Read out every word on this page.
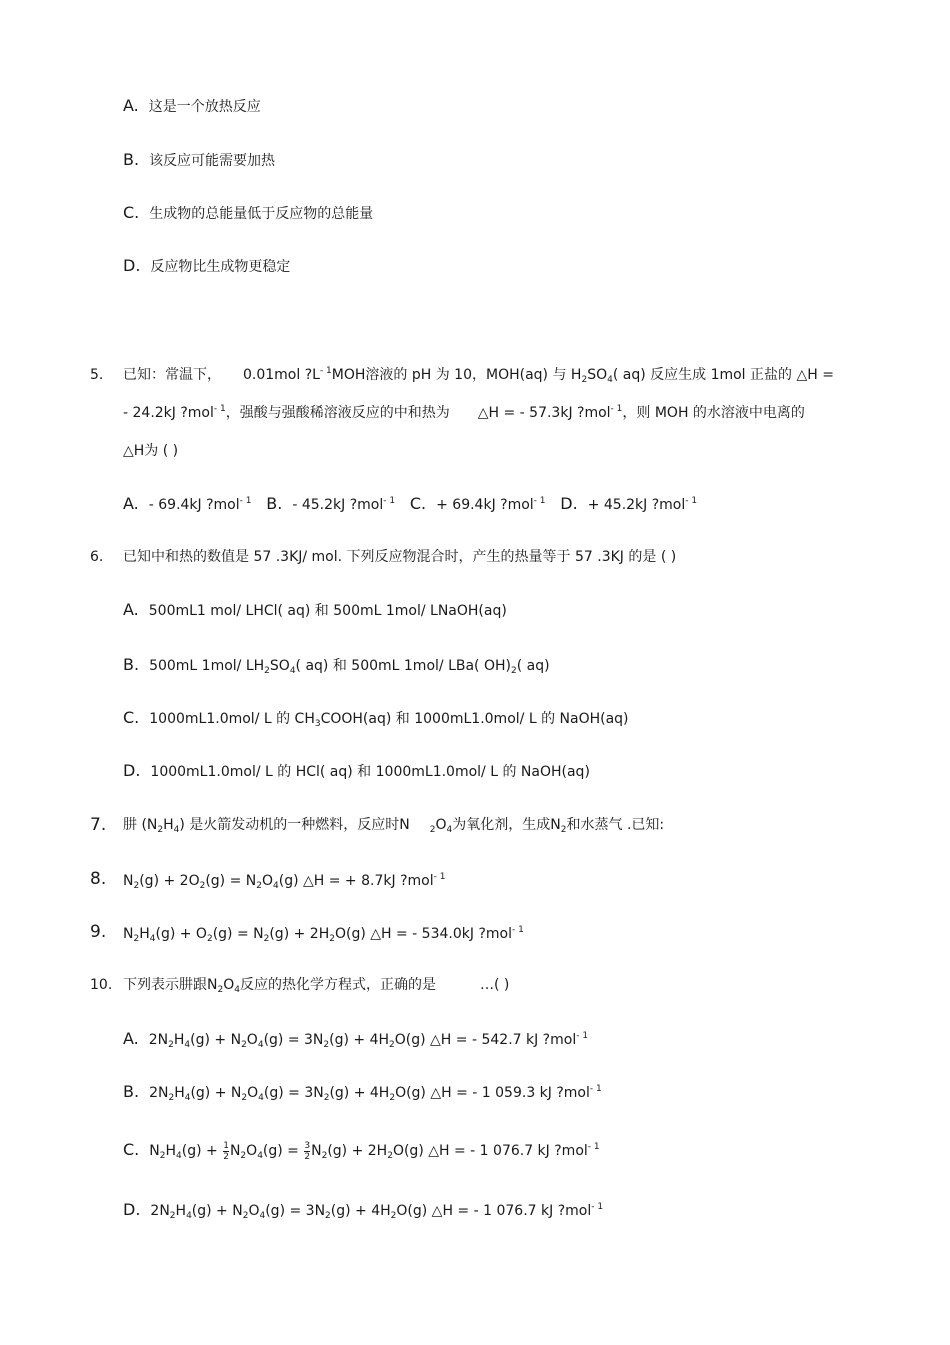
A. 这是一个放热反应
B. 该反应可能需要加热
C. 生成物的总能量低于反应物的总能量
D. 反应物比生成物更稳定
5. 已知：常温下， 0.01mol $?L^{- 1}MOH$溶液的 pH 为 10，MOH(aq) 与 $H_2SO_4$( aq) 反应生成 1mol 正盐的 △H =
- 24.2kJ ?mol$^{- 1}$，强酸与强酸稀溶液反应的中和热为 △H = - 57.3kJ ?mol$^{- 1}$，则 MOH 的水溶液中电离的
△H为 ( )
A. - 69.4kJ ?mol$^{- 1}$ B. - 45.2kJ ?mol$^{- 1}$ C. + 69.4kJ ?mol$^{- 1}$ D. + 45.2kJ ?mol$^{- 1}$
6. 已知中和热的数值是 57 .3KJ/ mol. 下列反应物混合时，产生的热量等于 57 .3KJ 的是 ( )
A. 500mL1 mol/ LHCl( aq) 和 500mL 1mol/ LNaOH(aq)
B. 500mL 1mol/ $LH_2SO_4$( aq) 和 500mL 1mol/ LBa( $OH)_2$( aq)
C. 1000mL1.0mol/ L 的 $CH_3COOH(aq)$ 和 1000mL1.0mol/ L 的 NaOH(aq)
D. 1000mL1.0mol/ L 的 HCl( aq) 和 1000mL1.0mol/ L 的 NaOH(aq)
7. 肼 $(N_2H_4)$ 是火箭发动机的一种燃料，反应时N $_2O_4$为氧化剂，生成$N_2$和水蒸气 .已知:
8. $N_2(g) + 2O_2(g) = N_2O_4(g)$ △H = + 8.7kJ ?mol$^{- 1}$
9. $N_2H_4(g) + O_2(g) = N_2(g) + 2H_2O(g)$ △H = - 534.0kJ ?mol$^{- 1}$
10. 下列表示肼跟$N_2O_4$反应的热化学方程式，正确的是	…( )
A. $2N_2H_4(g) + N_2O_4(g) = 3N_2(g) + 4H_2O(g)$ △H = - 542.7 kJ ?mol$^{- 1}$
B. $2N_2H_4(g) + N_2O_4(g) = 3N_2(g) + 4H_2O(g)$ △H = - 1 059.3 kJ ?mol$^{- 1}$
C. $N_2H_4(g) + \frac{1}{2} N_2O_4(g) = \frac{3}{2} N_2(g) + 2H_2O(g)$ △H = - 1 076.7 kJ ?mol$^{- 1}$
D. $2N_2H_4(g) + N_2O_4(g) = 3N_2(g) + 4H_2O(g)$ △H = - 1 076.7 kJ ?mol$^{- 1}$
